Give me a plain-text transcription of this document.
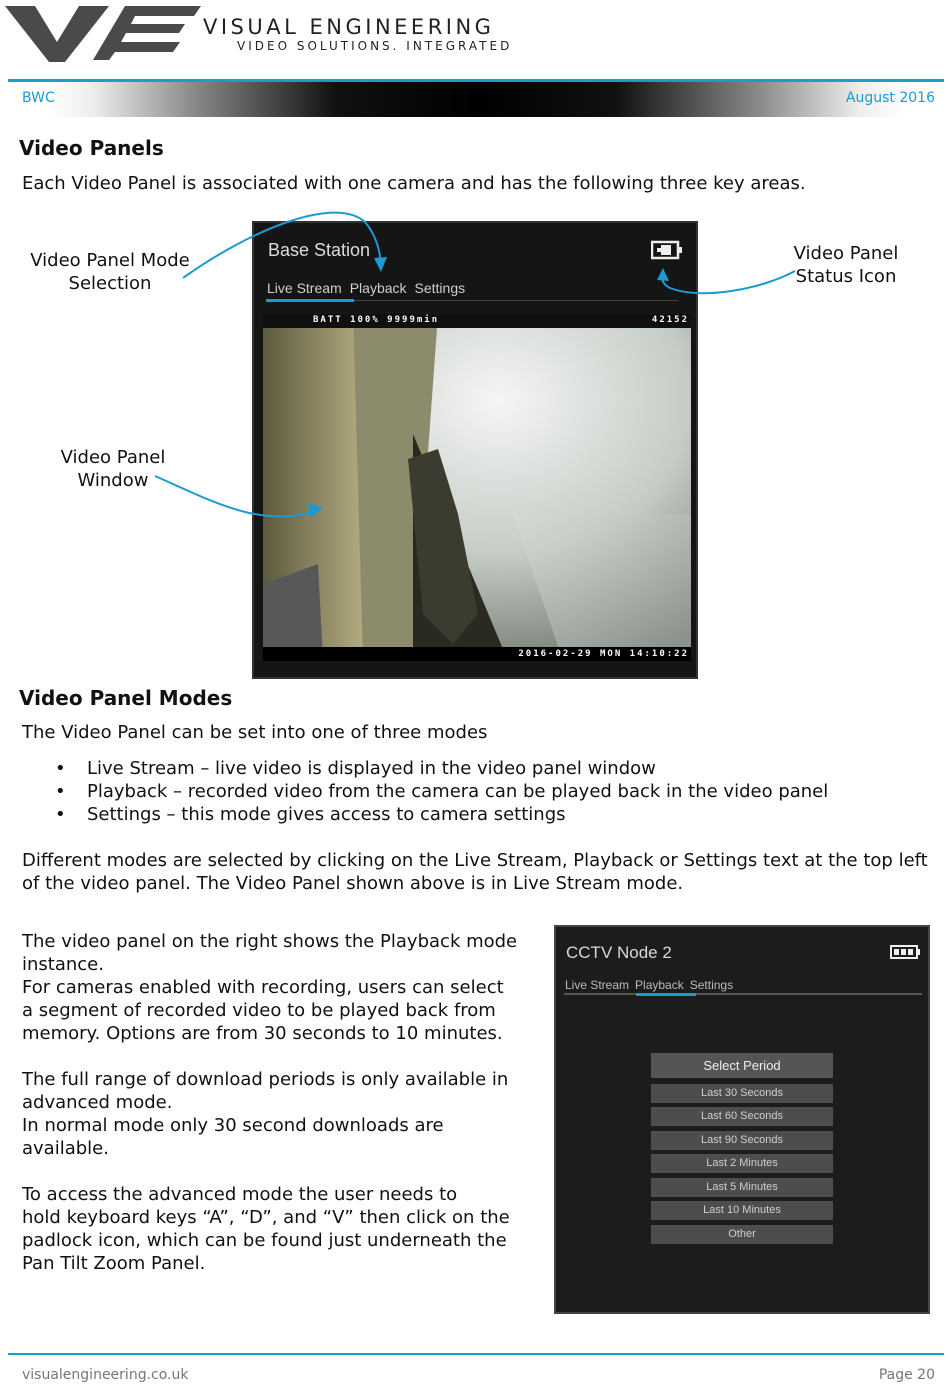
VISUAL ENGINEERING
VIDEO SOLUTIONS. INTEGRATED
BWC	August 2016
Video Panels
Each Video Panel is associated with one camera and has the following three key areas.
Video Panel Mode
Selection
Video Panel
Status Icon
Video Panel
Window
Base Station
Live Stream Playback Settings
BATT 100% 9999min	42152
2016-02-29 MON 14:10:22
Video Panel Modes
The Video Panel can be set into one of three modes
• Live Stream – live video is displayed in the video panel window
• Playback – recorded video from the camera can be played back in the video panel
• Settings – this mode gives access to camera settings
Different modes are selected by clicking on the Live Stream, Playback or Settings text at the top left
of the video panel. The Video Panel shown above is in Live Stream mode.
The video panel on the right shows the Playback mode
instance.
For cameras enabled with recording, users can select
a segment of recorded video to be played back from
memory. Options are from 30 seconds to 10 minutes.
The full range of download periods is only available in
advanced mode.
In normal mode only 30 second downloads are
available.
To access the advanced mode the user needs to
hold keyboard keys “A”, “D”, and “V” then click on the
padlock icon, which can be found just underneath the
Pan Tilt Zoom Panel.
CCTV Node 2
Live Stream Playback Settings
Select Period
Last 30 Seconds
Last 60 Seconds
Last 90 Seconds
Last 2 Minutes
Last 5 Minutes
Last 10 Minutes
Other
visualengineering.co.uk	Page 20
